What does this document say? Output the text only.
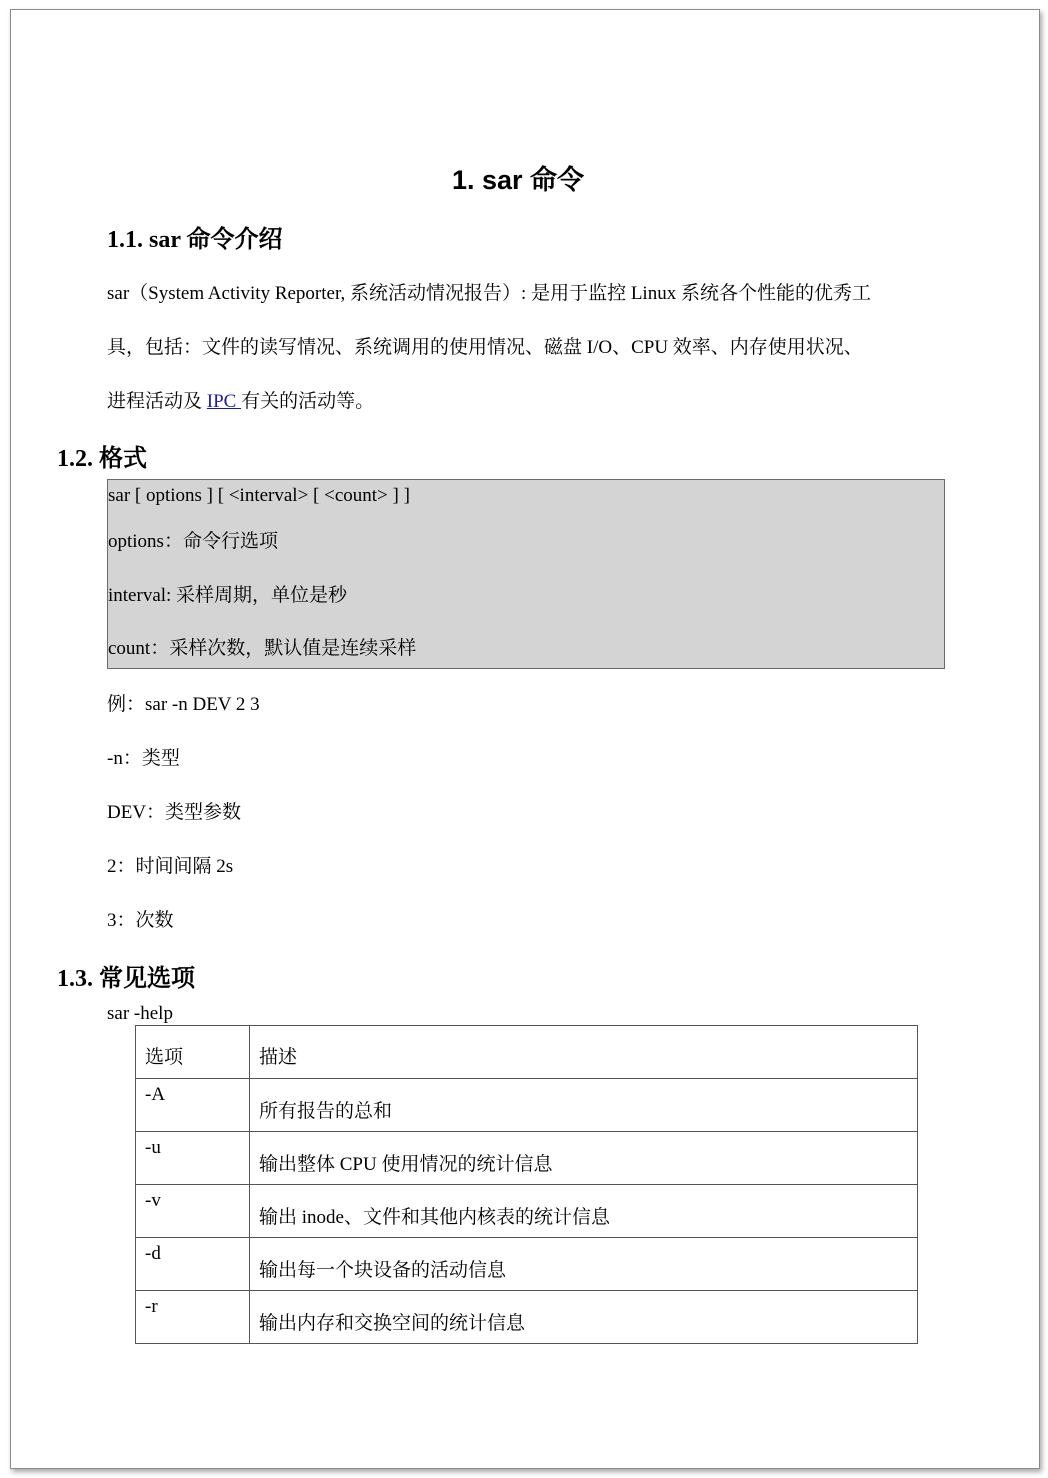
1. sar 命令
1.1. sar 命令介绍
sar（System Activity Reporter, 系统活动情况报告）: 是用于监控 Linux 系统各个性能的优秀工
具，包括：文件的读写情况、系统调用的使用情况、磁盘 I/O、CPU 效率、内存使用状况、
进程活动及 IPC 有关的活动等。
1.2. 格式
sar [ options ] [ <interval> [ <count> ] ]
options：命令行选项
interval: 采样周期，单位是秒
count：采样次数，默认值是连续采样
例：sar -n DEV 2 3
-n：类型
DEV：类型参数
2：时间间隔 2s
3：次数
1.3. 常见选项
sar -help
选项	描述
-A	所有报告的总和
-u	输出整体 CPU 使用情况的统计信息
-v	输出 inode、文件和其他内核表的统计信息
-d	输出每一个块设备的活动信息
-r	输出内存和交换空间的统计信息
